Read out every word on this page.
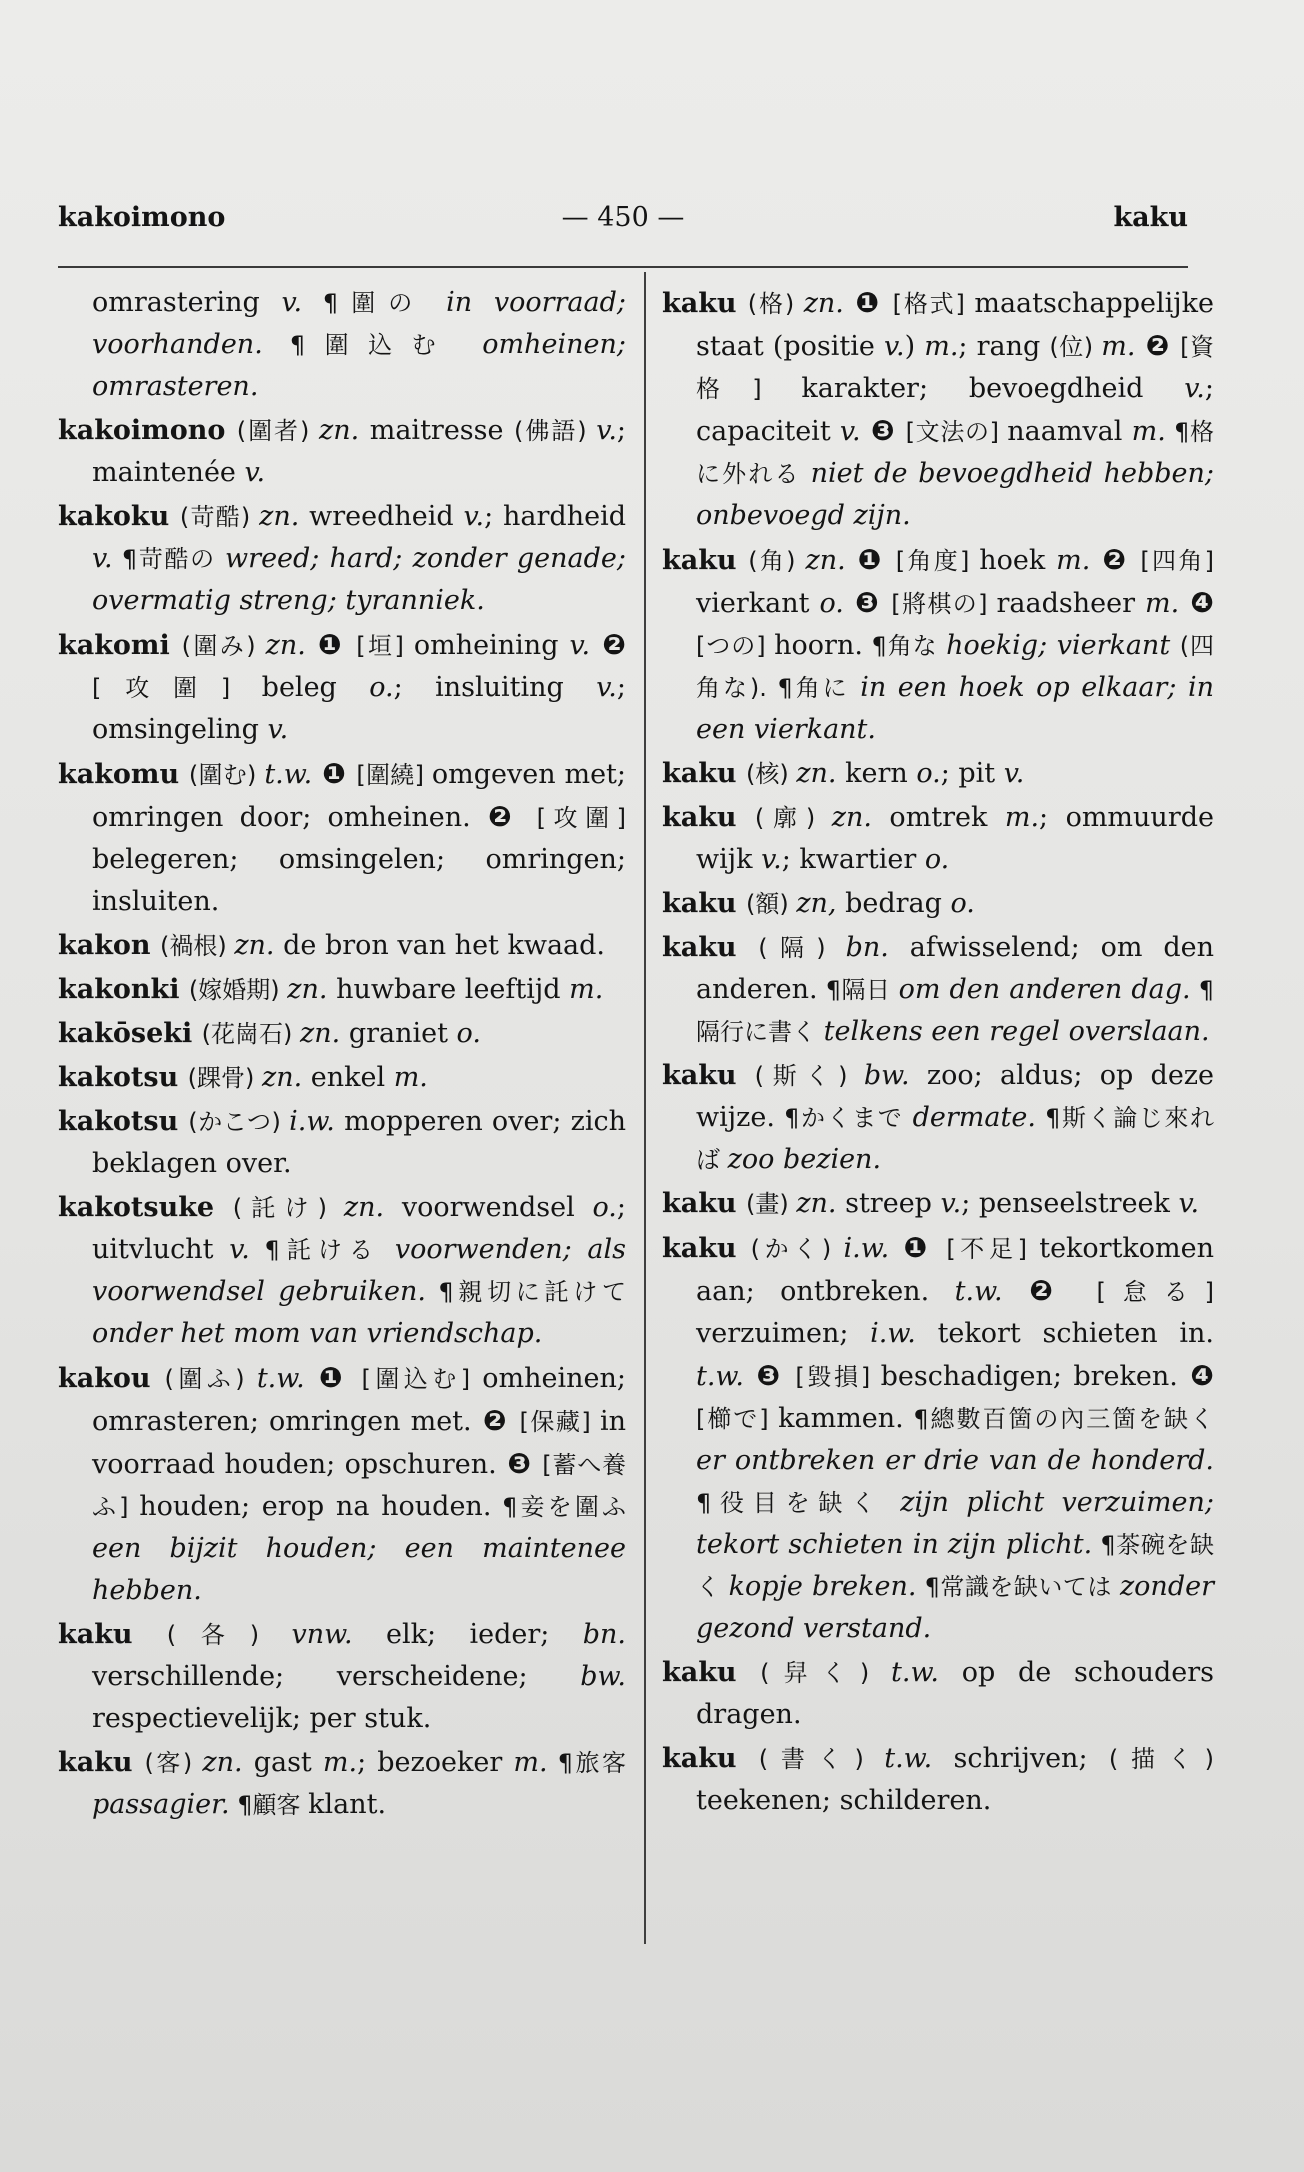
kakoimono	— 450 —	kaku
omrastering v. ¶圍の in voorraad; voorhanden. ¶圍込む omheinen; omrasteren.
kakoimono (圍者) zn. maitresse (佛語) v.; maintenée v.
kakoku (苛酷) zn. wreedheid v.; hardheid v. ¶苛酷の wreed; hard; zonder genade; overmatig streng; tyranniek.
kakomi (圍み) zn. ❶ [垣] omheining v. ❷ [攻圍] beleg o.; insluiting v.; omsingeling v.
kakomu (圍む) t.w. ❶ [圍繞] omgeven met; omringen door; omheinen. ❷ [攻圍] belegeren; omsingelen; omringen; insluiten.
kakon (禍根) zn. de bron van het kwaad.
kakonki (嫁婚期) zn. huwbare leeftijd m.
kakōseki (花崗石) zn. graniet o.
kakotsu (踝骨) zn. enkel m.
kakotsu (かこつ) i.w. mopperen over; zich beklagen over.
kakotsuke (託け) zn. voorwendsel o.; uitvlucht v. ¶託ける voorwenden; als voorwendsel gebruiken. ¶親切に託けて onder het mom van vriendschap.
kakou (圍ふ) t.w. ❶ [圍込む] omheinen; omrasteren; omringen met. ❷ [保藏] in voorraad houden; opschuren. ❸ [蓄へ養ふ] houden; erop na houden. ¶妾を圍ふ een bijzit houden; een maintenee hebben.
kaku (各) vnw. elk; ieder; bn. verschillende; verscheidene; bw. respectievelijk; per stuk.
kaku (客) zn. gast m.; bezoeker m. ¶旅客 passagier. ¶顧客 klant.
kaku (格) zn. ❶ [格式] maatschappelijke staat (positie v.) m.; rang (位) m. ❷ [資格] karakter; bevoegdheid v.; capaciteit v. ❸ [文法の] naamval m. ¶格に外れる niet de bevoegdheid hebben; onbevoegd zijn.
kaku (角) zn. ❶ [角度] hoek m. ❷ [四角] vierkant o. ❸ [將棋の] raadsheer m. ❹ [つの] hoorn. ¶角な hoekig; vierkant (四角な). ¶角に in een hoek op elkaar; in een vierkant.
kaku (核) zn. kern o.; pit v.
kaku (廓) zn. omtrek m.; ommuurde wijk v.; kwartier o.
kaku (額) zn, bedrag o.
kaku (隔) bn. afwisselend; om den anderen. ¶隔日 om den anderen dag. ¶隔行に書く telkens een regel overslaan.
kaku (斯く) bw. zoo; aldus; op deze wijze. ¶かくまで dermate. ¶斯く論じ來れば zoo bezien.
kaku (畫) zn. streep v.; penseelstreek v.
kaku (かく) i.w. ❶ [不足] tekortkomen aan; ontbreken. t.w. ❷ [怠る] verzuimen; i.w. tekort schieten in. t.w. ❸ [毀損] beschadigen; breken. ❹ [櫛で] kammen. ¶總數百箇の內三箇を缺く er ontbreken er drie van de honderd. ¶役目を缺く zijn plicht verzuimen; tekort schieten in zijn plicht. ¶茶碗を缺く kopje breken. ¶常識を缺いては zonder gezond verstand.
kaku (舁く) t.w. op de schouders dragen.
kaku (書く) t.w. schrijven; (描く) teekenen; schilderen.
